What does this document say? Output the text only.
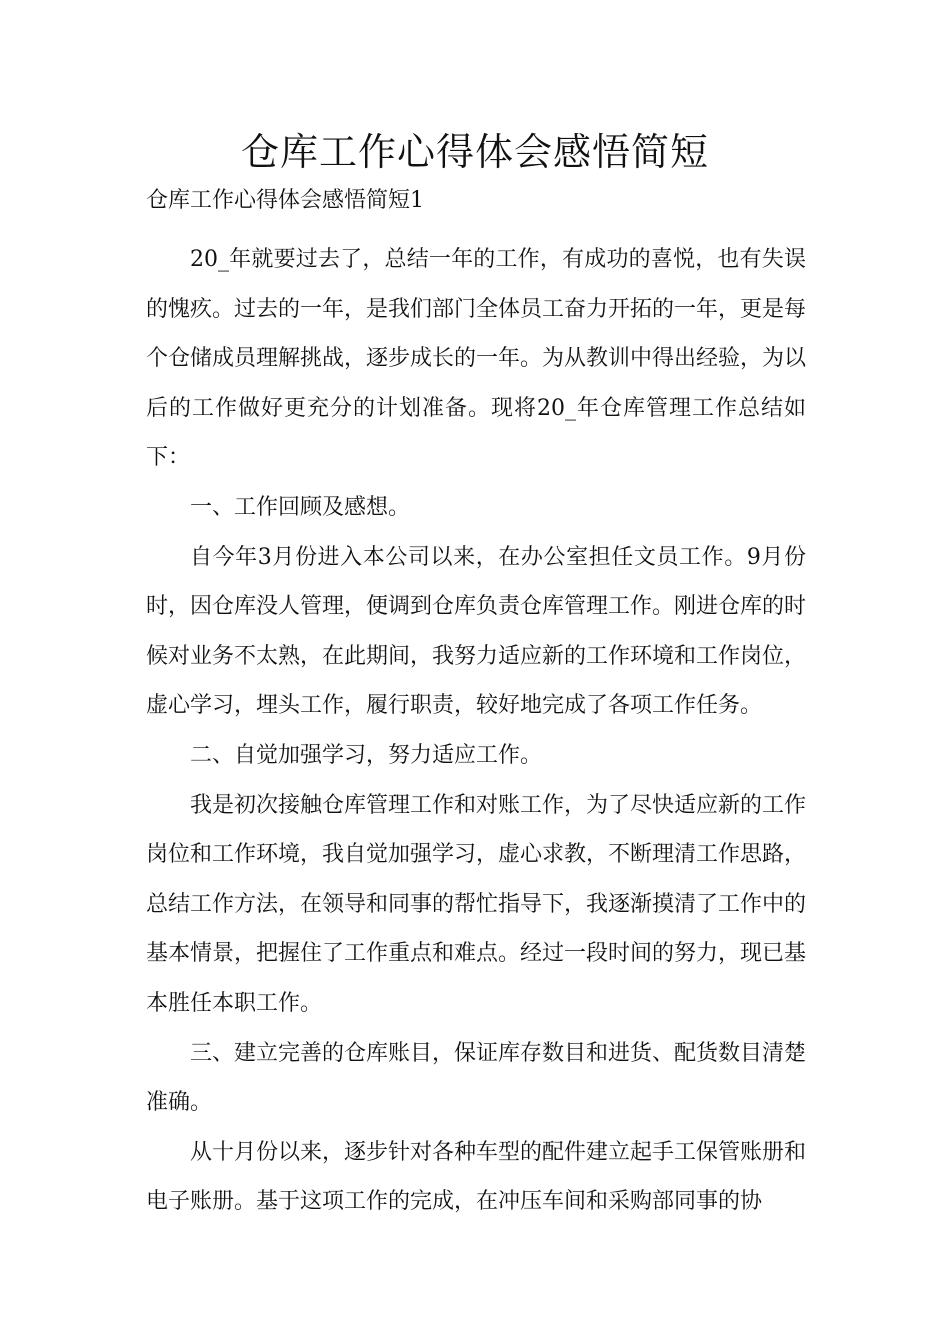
仓库工作心得体会感悟简短
仓库工作心得体会感悟简短1

20_年就要过去了，总结一年的工作，有成功的喜悦，也有失误的愧疚。过去的一年，是我们部门全体员工奋力开拓的一年，更是每个仓储成员理解挑战，逐步成长的一年。为从教训中得出经验，为以后的工作做好更充分的计划准备。现将20_年仓库管理工作总结如下：

一、工作回顾及感想。

自今年3月份进入本公司以来，在办公室担任文员工作。9月份时，因仓库没人管理，便调到仓库负责仓库管理工作。刚进仓库的时候对业务不太熟，在此期间，我努力适应新的工作环境和工作岗位，虚心学习，埋头工作，履行职责，较好地完成了各项工作任务。

二、自觉加强学习，努力适应工作。

我是初次接触仓库管理工作和对账工作，为了尽快适应新的工作岗位和工作环境，我自觉加强学习，虚心求教，不断理清工作思路，总结工作方法，在领导和同事的帮忙指导下，我逐渐摸清了工作中的基本情景，把握住了工作重点和难点。经过一段时间的努力，现已基本胜任本职工作。

三、建立完善的仓库账目，保证库存数目和进货、配货数目清楚准确。

从十月份以来，逐步针对各种车型的配件建立起手工保管账册和电子账册。基于这项工作的完成，在冲压车间和采购部同事的协
